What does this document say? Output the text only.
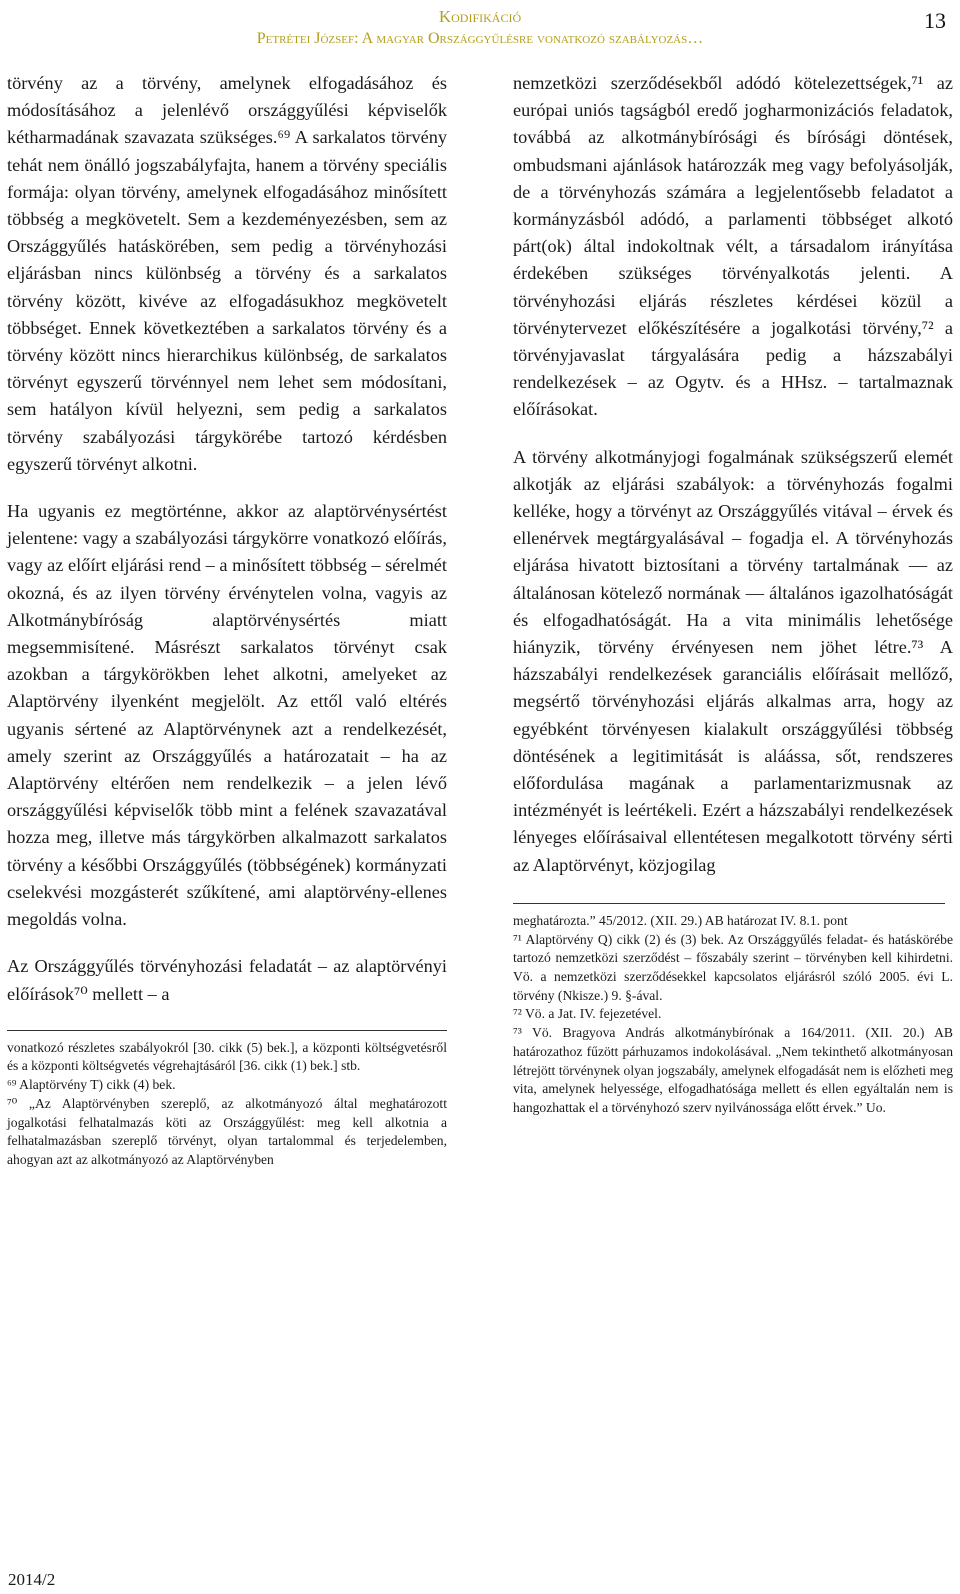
Kodifikáció
Petrétei József: A magyar Országgyűlésre vonatkozó szabályozás…
13

törvény az a törvény, amelynek elfogadásához és módosításához a jelenlévő országgyűlési képviselők kétharmadának szavazata szükséges.⁶⁹ A sarkalatos törvény tehát nem önálló jogszabályfajta, hanem a törvény speciális formája: olyan törvény, amelynek elfogadásához minősített többség a megkövetelt. Sem a kezdeményezésben, sem az Országgyűlés hatáskörében, sem pedig a törvényhozási eljárásban nincs különbség a törvény és a sarkalatos törvény között, kivéve az elfogadásukhoz megkövetelt többséget. Ennek következtében a sarkalatos törvény és a törvény között nincs hierarchikus különbség, de sarkalatos törvényt egyszerű törvénnyel nem lehet sem módosítani, sem hatályon kívül helyezni, sem pedig a sarkalatos törvény szabályozási tárgykörébe tartozó kérdésben egyszerű törvényt alkotni.

Ha ugyanis ez megtörténne, akkor az alaptörvénysértést jelentene: vagy a szabályozási tárgykörre vonatkozó előírás, vagy az előírt eljárási rend – a minősített többség – sérelmét okozná, és az ilyen törvény érvénytelen volna, vagyis az Alkotmánybíróság alaptörvénysértés miatt megsemmisítené. Másrészt sarkalatos törvényt csak azokban a tárgykörökben lehet alkotni, amelyeket az Alaptörvény ilyenként megjelölt. Az ettől való eltérés ugyanis sértené az Alaptörvénynek azt a rendelkezését, amely szerint az Országgyűlés a határozatait – ha az Alaptörvény eltérően nem rendelkezik – a jelen lévő országgyűlési képviselők több mint a felének szavazatával hozza meg, illetve más tárgykörben alkalmazott sarkalatos törvény a későbbi Országgyűlés (többségének) kormányzati cselekvési mozgásterét szűkítené, ami alaptörvény-ellenes megoldás volna.

Az Országgyűlés törvényhozási feladatát – az alaptörvényi előírások⁷⁰ mellett – a

vonatkozó részletes szabályokról [30. cikk (5) bek.], a központi költségvetésről és a központi költségvetés végrehajtásáról [36. cikk (1) bek.] stb.

⁶⁹ Alaptörvény T) cikk (4) bek.

⁷⁰ „Az Alaptörvényben szereplő, az alkotmányozó által meghatározott jogalkotási felhatalmazás köti az Országgyűlést: meg kell alkotnia a felhatalmazásban szereplő törvényt, olyan tartalommal és terjedelemben, ahogyan azt az alkotmányozó az Alaptörvényben

nemzetközi szerződésekből adódó kötelezettségek,⁷¹ az európai uniós tagságból eredő jogharmonizációs feladatok, továbbá az alkotmánybírósági és bírósági döntések, ombudsmani ajánlások határozzák meg vagy befolyásolják, de a törvényhozás számára a legjelentősebb feladatot a kormányzásból adódó, a parlamenti többséget alkotó párt(ok) által indokoltnak vélt, a társadalom irányítása érdekében szükséges törvényalkotás jelenti. A törvényhozási eljárás részletes kérdései közül a törvénytervezet előkészítésére a jogalkotási törvény,⁷² a törvényjavaslat tárgyalására pedig a házszabályi rendelkezések – az Ogytv. és a HHsz. – tartalmaznak előírásokat.

A törvény alkotmányjogi fogalmának szükségszerű elemét alkotják az eljárási szabályok: a törvényhozás fogalmi kelléke, hogy a törvényt az Országgyűlés vitával – érvek és ellenérvek megtárgyalásával – fogadja el. A törvényhozás eljárása hivatott biztosítani a törvény tartalmának –– az általánosan kötelező normának –– általános igazolhatóságát és elfogadhatóságát. Ha a vita minimális lehetősége hiányzik, törvény érvényesen nem jöhet létre.⁷³ A házszabályi rendelkezések garanciális előírásait mellőző, megsértő törvényhozási eljárás alkalmas arra, hogy az egyébként törvényesen kialakult országgyűlési többség döntésének a legitimitását is aláássa, sőt, rendszeres előfordulása magának a parlamentarizmusnak az intézményét is leértékeli. Ezért a házszabályi rendelkezések lényeges előírásaival ellentétesen megalkotott törvény sérti az Alaptörvényt, közjogilag

meghatározta.” 45/2012. (XII. 29.) AB határozat IV. 8.1. pont

⁷¹ Alaptörvény Q) cikk (2) és (3) bek. Az Országgyűlés feladat- és hatáskörébe tartozó nemzetközi szerződést – főszabály szerint – törvényben kell kihirdetni. Vö. a nemzetközi szerződésekkel kapcsolatos eljárásról szóló 2005. évi L. törvény (Nkisze.) 9. §-ával.

⁷² Vö. a Jat. IV. fejezetével.

⁷³ Vö. Bragyova András alkotmánybírónak a 164/2011. (XII. 20.) AB határozathoz fűzött párhuzamos indokolásával. „Nem tekinthető alkotmányosan létrejött törvénynek olyan jogszabály, amelynek elfogadását nem is előzheti meg vita, amelynek helyessége, elfogadhatósága mellett és ellen egyáltalán nem is hangozhattak el a törvényhozó szerv nyilvánossága előtt érvek.” Uo.

2014/2
